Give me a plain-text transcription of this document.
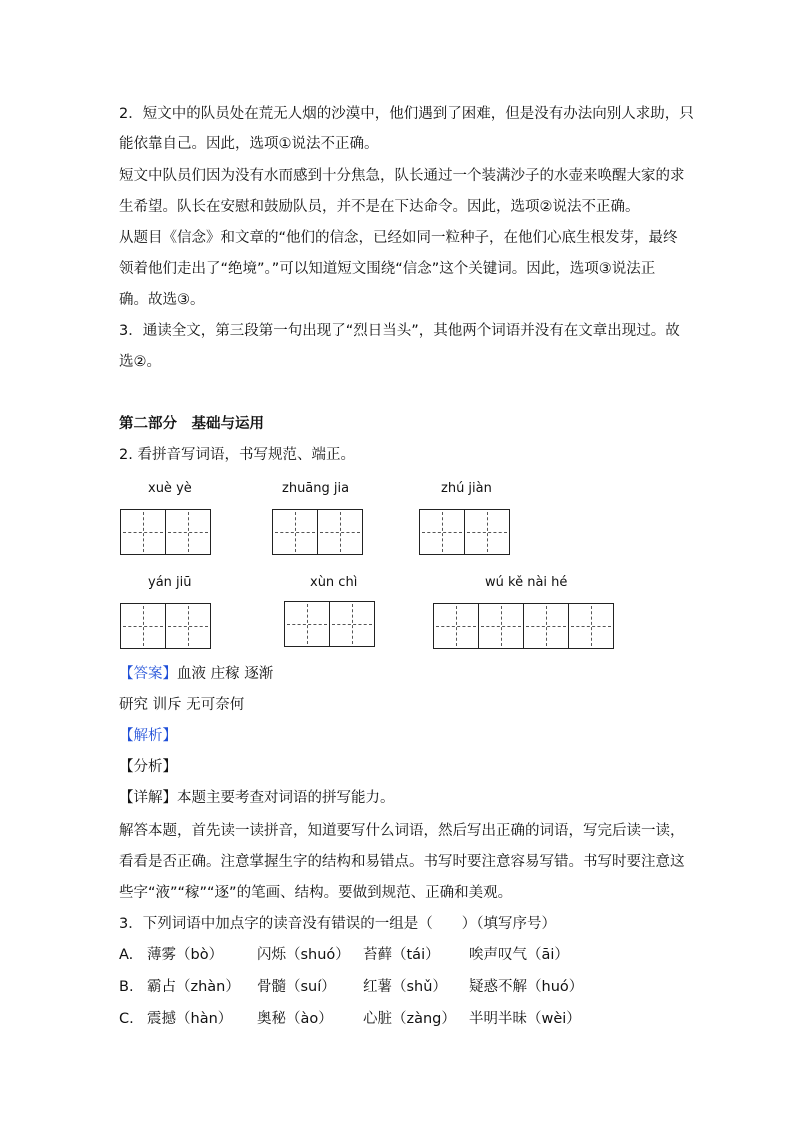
2．短文中的队员处在荒无人烟的沙漠中，他们遇到了困难，但是没有办法向别人求助，只
能依靠自己。因此，选项①说法不正确。
短文中队员们因为没有水而感到十分焦急，队长通过一个装满沙子的水壶来唤醒大家的求
生希望。队长在安慰和鼓励队员，并不是在下达命令。因此，选项②说法不正确。
从题目《信念》和文章的“他们的信念，已经如同一粒种子，在他们心底生根发芽，最终
领着他们走出了“绝境”。”可以知道短文围绕“信念”这个关键词。因此，选项③说法正
确。故选③。
3．通读全文，第三段第一句出现了“烈日当头”，其他两个词语并没有在文章出现过。故
选②。
第二部分　基础与运用
2. 看拼音写词语，书写规范、端正。
xuè yè	zhuāng jia	zhú jiàn
yán jiū	xùn chì	wú kě nài hé
【答案】血液 庄稼 逐渐
研究 训斥 无可奈何
【解析】
【分析】
【详解】本题主要考查对词语的拼写能力。
解答本题，首先读一读拼音，知道要写什么词语，然后写出正确的词语，写完后读一读，
看看是否正确。注意掌握生字的结构和易错点。书写时要注意容易写错。书写时要注意这
些字“液”“稼”“逐”的笔画、结构。要做到规范、正确和美观。
3．下列词语中加点字的读音没有错误的一组是（　　）（填写序号）
A. 薄雾（bò） 闪烁（shuó） 苔藓（tái） 唉声叹气（āi）
B. 霸占（zhàn） 骨髓（suí） 红薯（shǔ） 疑惑不解（huó）
C. 震撼（hàn） 奥秘（ào） 心脏（zàng） 半明半昧（wèi）
